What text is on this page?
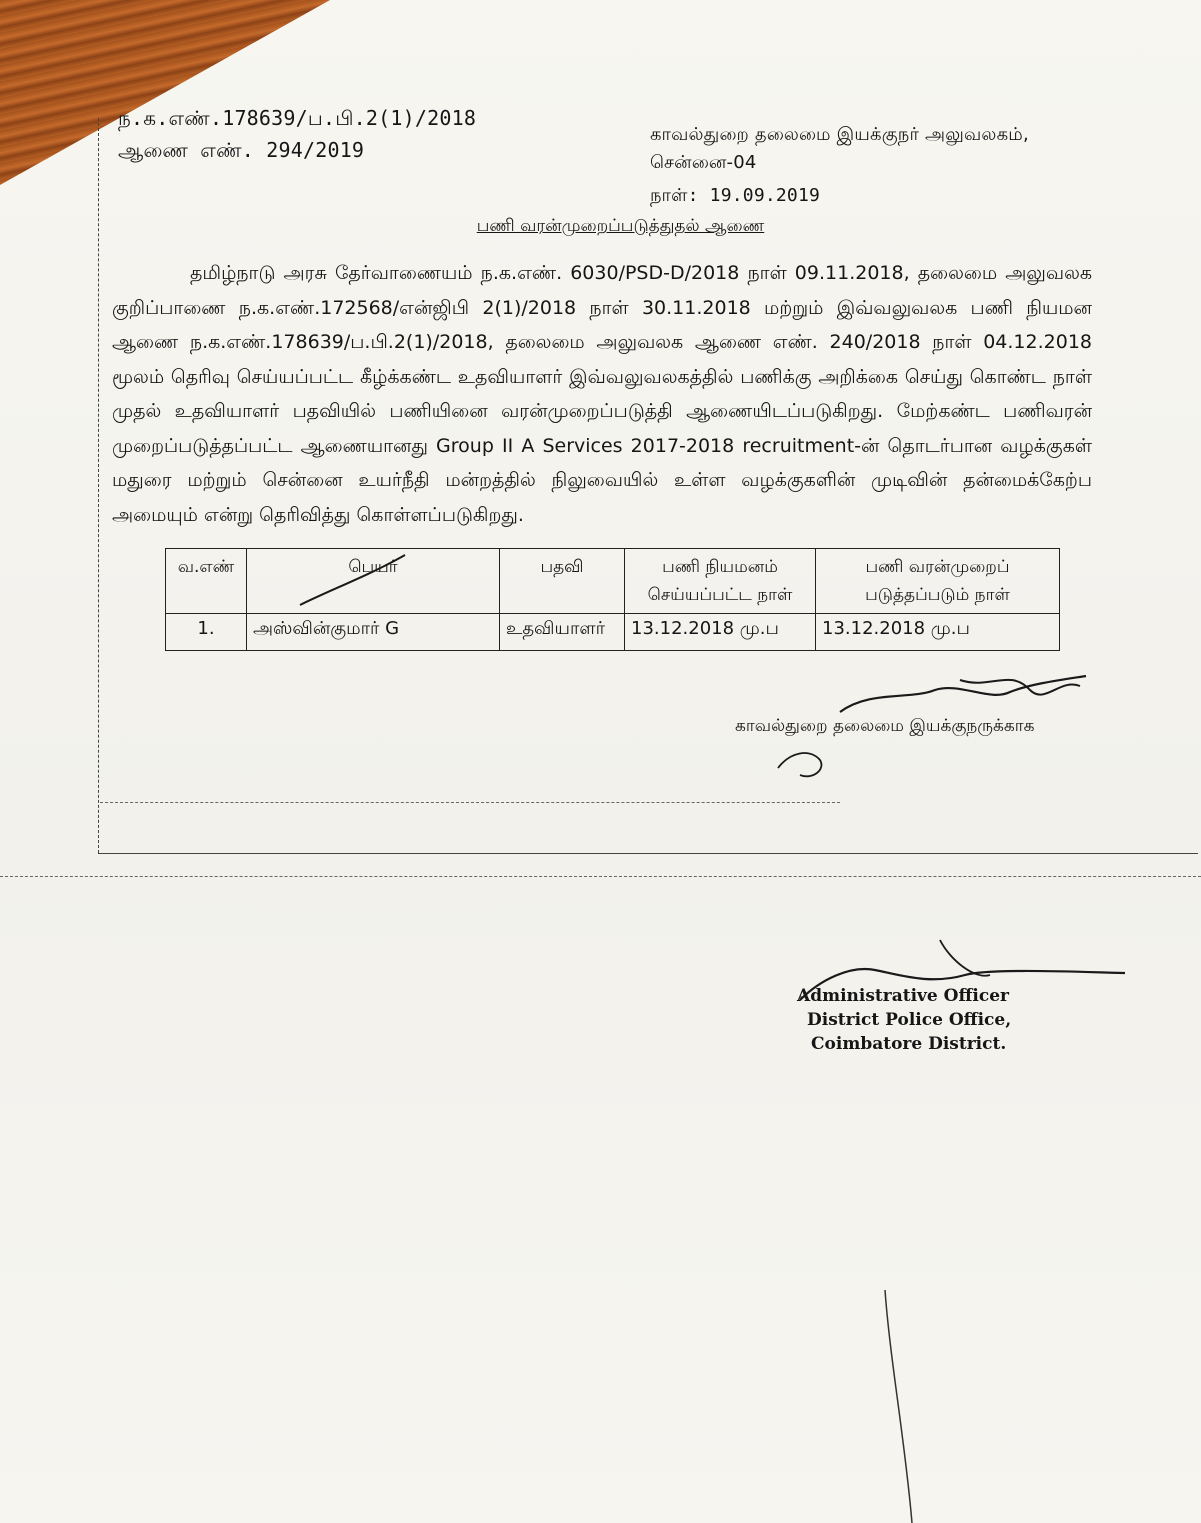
ந.க.எண்.178639/ப.பி.2(1)/2018
ஆணை எண். 294/2019
காவல்துறை தலைமை இயக்குநர் அலுவலகம்,
சென்னை-04
நாள்: 19.09.2019
பணி வரன்முறைப்படுத்துதல் ஆணை
தமிழ்நாடு அரசு தேர்வாணையம் ந.க.எண். 6030/PSD-D/2018 நாள் 09.11.2018, தலைமை அலுவலக குறிப்பாணை ந.க.எண்.172568/என்ஜிபி 2(1)/2018 நாள் 30.11.2018 மற்றும் இவ்வலுவலக பணி நியமன ஆணை ந.க.எண்.178639/ப.பி.2(1)/2018, தலைமை அலுவலக ஆணை எண். 240/2018 நாள் 04.12.2018 மூலம் தெரிவு செய்யப்பட்ட கீழ்க்கண்ட உதவியாளர் இவ்வலுவலகத்தில் பணிக்கு அறிக்கை செய்து கொண்ட நாள் முதல் உதவியாளர் பதவியில் பணியினை வரன்முறைப்படுத்தி ஆணையிடப்படுகிறது. மேற்கண்ட பணிவரன் முறைப்படுத்தப்பட்ட ஆணையானது Group II A Services 2017-2018 recruitment-ன் தொடர்பான வழக்குகள் மதுரை மற்றும் சென்னை உயர்நீதி மன்றத்தில் நிலுவையில் உள்ள வழக்குகளின் முடிவின் தன்மைக்கேற்ப அமையும் என்று தெரிவித்து கொள்ளப்படுகிறது.
வ.எண்	பெயர்	பதவி	பணி நியமனம் செய்யப்பட்ட நாள்	பணி வரன்முறைப் படுத்தப்படும் நாள்
1.	அஸ்வின்குமார் G	உதவியாளர்	13.12.2018 மு.ப	13.12.2018 மு.ப
காவல்துறை தலைமை இயக்குநருக்காக
Administrative Officer
District Police Office,
Coimbatore District.
